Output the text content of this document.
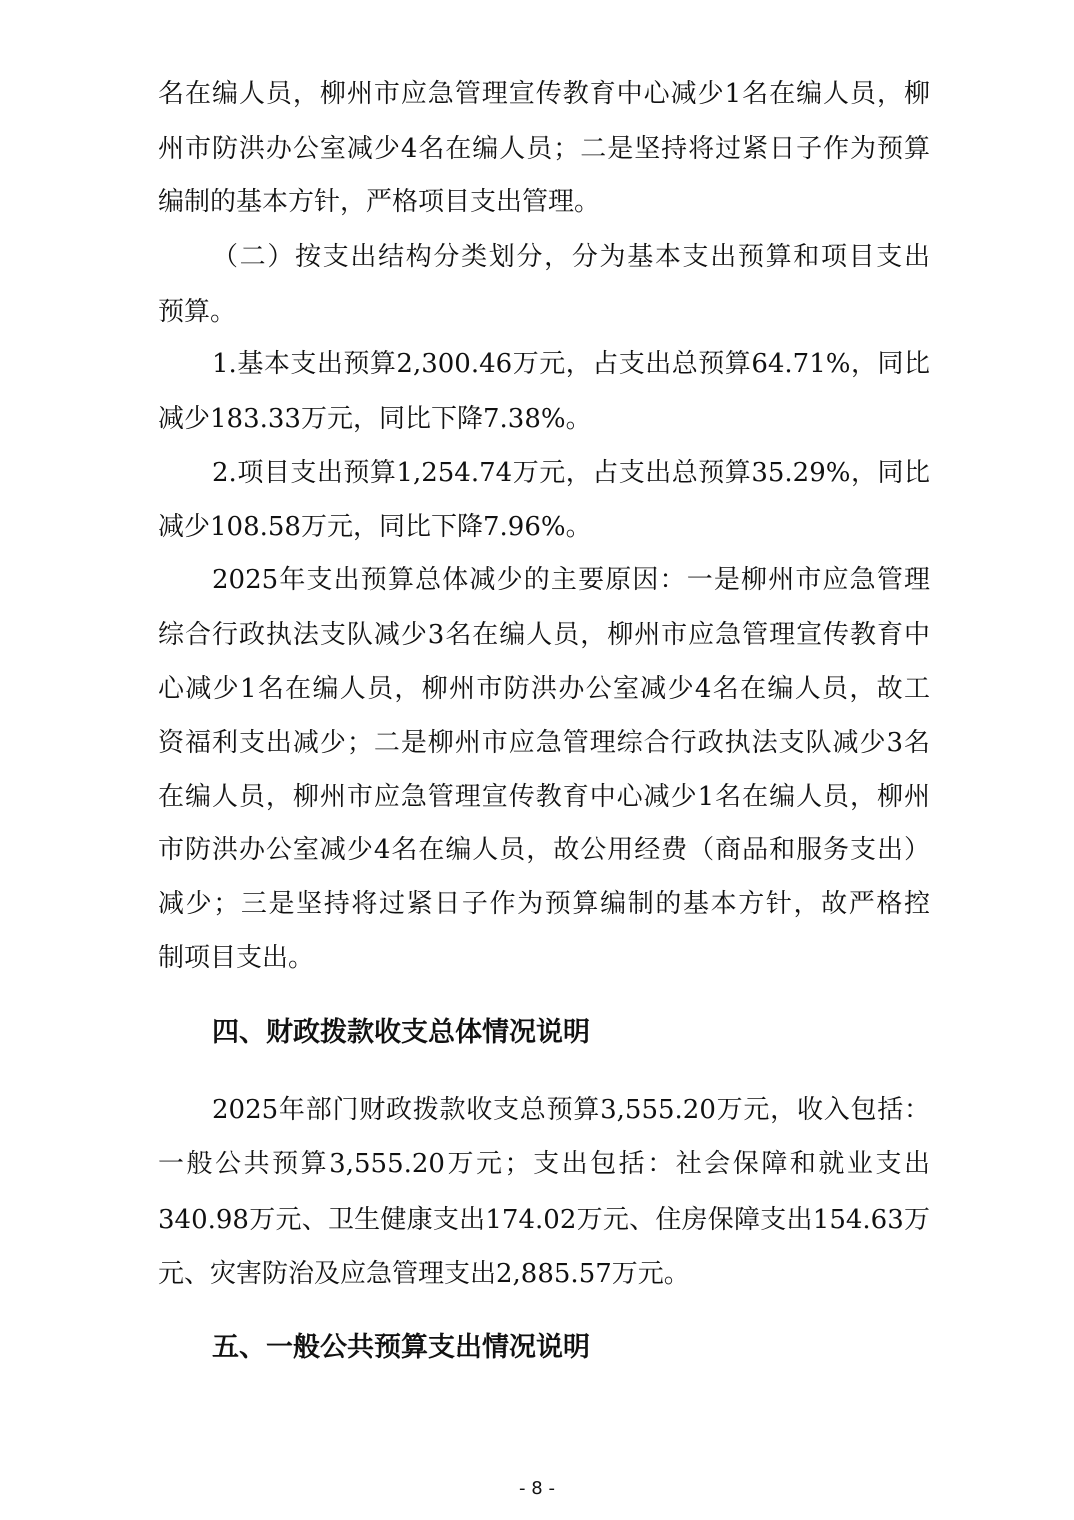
名在编人员，柳州市应急管理宣传教育中心减少1名在编人员，柳
州市防洪办公室减少4名在编人员；二是坚持将过紧日子作为预算
编制的基本方针，严格项目支出管理。
（二）按支出结构分类划分，分为基本支出预算和项目支出
预算。
1.基本支出预算2,300.46万元，占支出总预算64.71%，同比
减少183.33万元，同比下降7.38%。
2.项目支出预算1,254.74万元，占支出总预算35.29%，同比
减少108.58万元，同比下降7.96%。
2025年支出预算总体减少的主要原因：一是柳州市应急管理
综合行政执法支队减少3名在编人员，柳州市应急管理宣传教育中
心减少1名在编人员，柳州市防洪办公室减少4名在编人员，故工
资福利支出减少；二是柳州市应急管理综合行政执法支队减少3名
在编人员，柳州市应急管理宣传教育中心减少1名在编人员，柳州
市防洪办公室减少4名在编人员，故公用经费（商品和服务支出）
减少；三是坚持将过紧日子作为预算编制的基本方针，故严格控
制项目支出。
四、财政拨款收支总体情况说明
2025年部门财政拨款收支总预算3,555.20万元，收入包括：
一般公共预算3,555.20万元；支出包括：社会保障和就业支出
340.98万元、卫生健康支出174.02万元、住房保障支出154.63万
元、灾害防治及应急管理支出2,885.57万元。
五、一般公共预算支出情况说明
- 8 -
